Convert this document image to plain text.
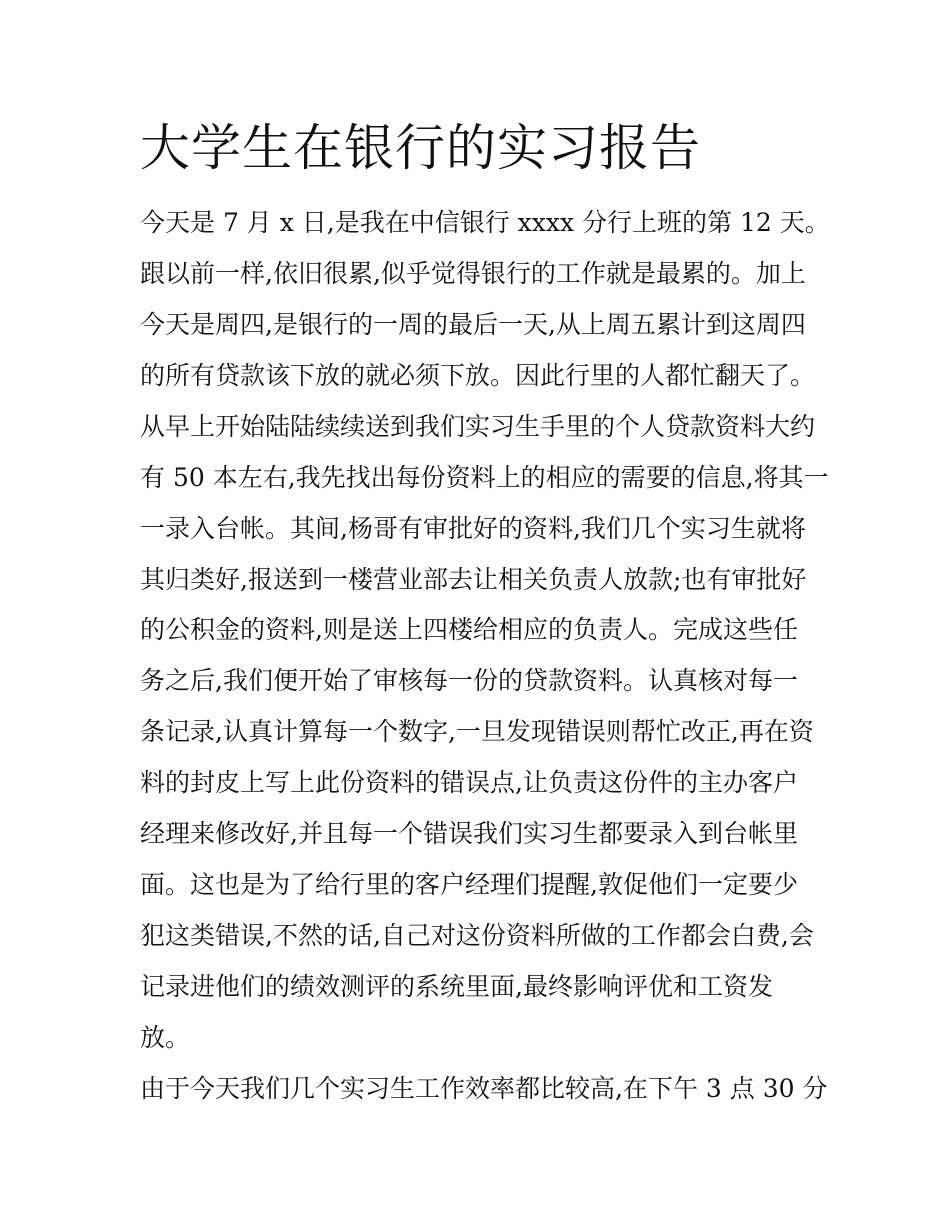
大学生在银行的实习报告

今天是 7 月 x 日,是我在中信银行 xxxx 分行上班的第 12 天。

跟以前一样,依旧很累,似乎觉得银行的工作就是最累的。加上

今天是周四,是银行的一周的最后一天,从上周五累计到这周四

的所有贷款该下放的就必须下放。因此行里的人都忙翻天了。

从早上开始陆陆续续送到我们实习生手里的个人贷款资料大约

有 50 本左右,我先找出每份资料上的相应的需要的信息,将其一

一录入台帐。其间,杨哥有审批好的资料,我们几个实习生就将

其归类好,报送到一楼营业部去让相关负责人放款;也有审批好

的公积金的资料,则是送上四楼给相应的负责人。完成这些任

务之后,我们便开始了审核每一份的贷款资料。认真核对每一

条记录,认真计算每一个数字,一旦发现错误则帮忙改正,再在资

料的封皮上写上此份资料的错误点,让负责这份件的主办客户

经理来修改好,并且每一个错误我们实习生都要录入到台帐里

面。这也是为了给行里的客户经理们提醒,敦促他们一定要少

犯这类错误,不然的话,自己对这份资料所做的工作都会白费,会

记录进他们的绩效测评的系统里面,最终影响评优和工资发

放。

由于今天我们几个实习生工作效率都比较高,在下午 3 点 30 分
